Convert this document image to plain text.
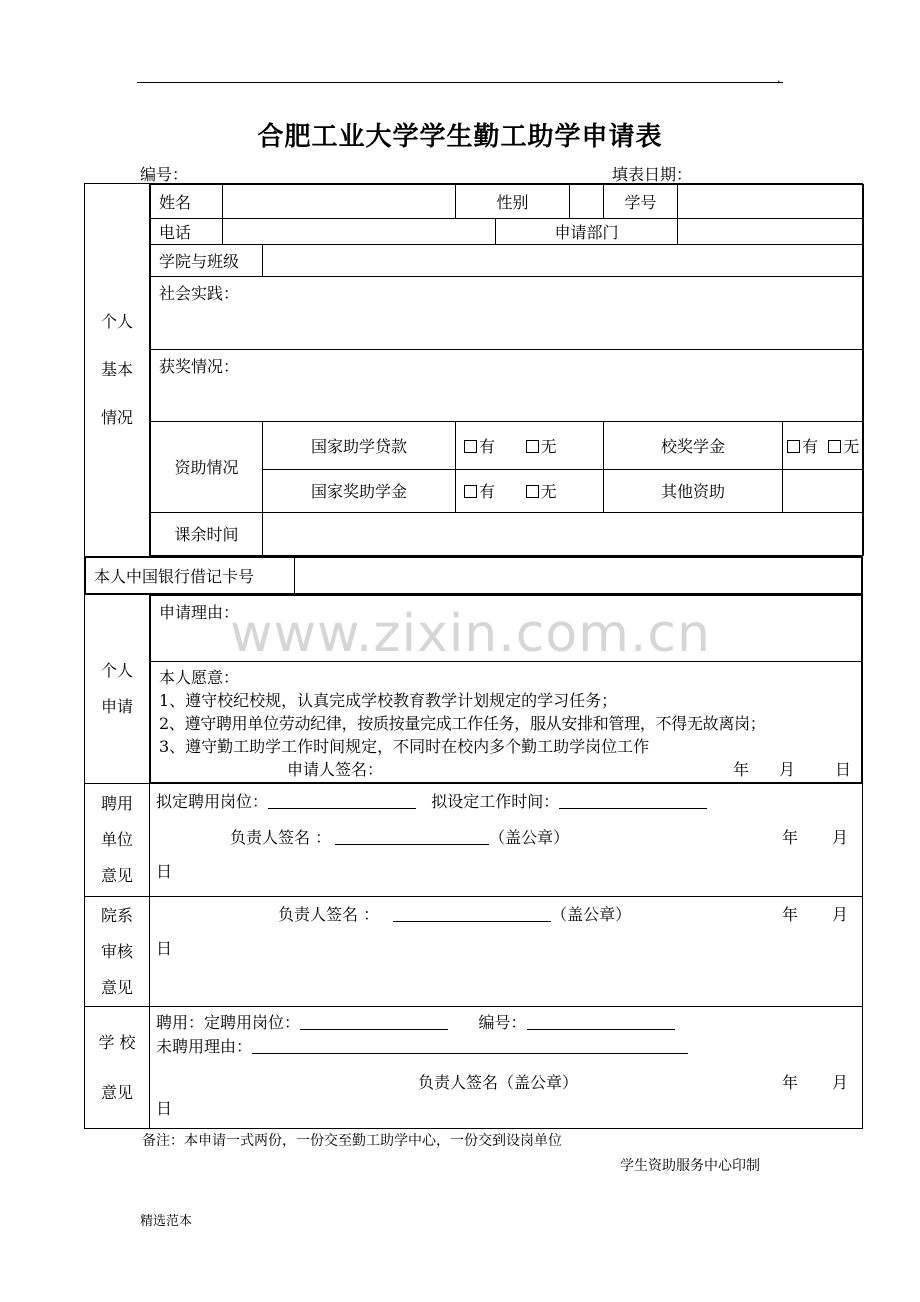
.
合肥工业大学学生勤工助学申请表
编号：	填表日期：
个人
基本
情况

姓名		性别		学号	
电话		申请部门	
学院与班级	
社会实践：
获奖情况：
资助情况	国家助学贷款	有	无	校奖学金	有 无
国家奖助学金	有	无	其他资助	
课余时间	

本人中国银行借记卡号	

个人
申请

申请理由：

本人愿意：
1、遵守校纪校规，认真完成学校教育教学计划规定的学习任务；
2、遵守聘用单位劳动纪律，按质按量完成工作任务，服从安排和管理，不得无故离岗；
3、遵守勤工助学工作时间规定，不同时在校内多个勤工助学岗位工作
申请人签名：	年 月 日

聘用
单位
意见

拟定聘用岗位：	拟设定工作时间：
负责人签名 ：	（盖公章）	年 月
日

院系
审核
意见

负责人签名 ：	（盖公章）	年 月
日

学 校
意见

聘用：定聘用岗位：	编号：
未聘用理由：
负责人签名（盖公章）	年 月
日
备注：本申请一式两份，一份交至勤工助学中心，一份交到设岗单位
学生资助服务中心印制
精选范本
www.zixin.com.cn
